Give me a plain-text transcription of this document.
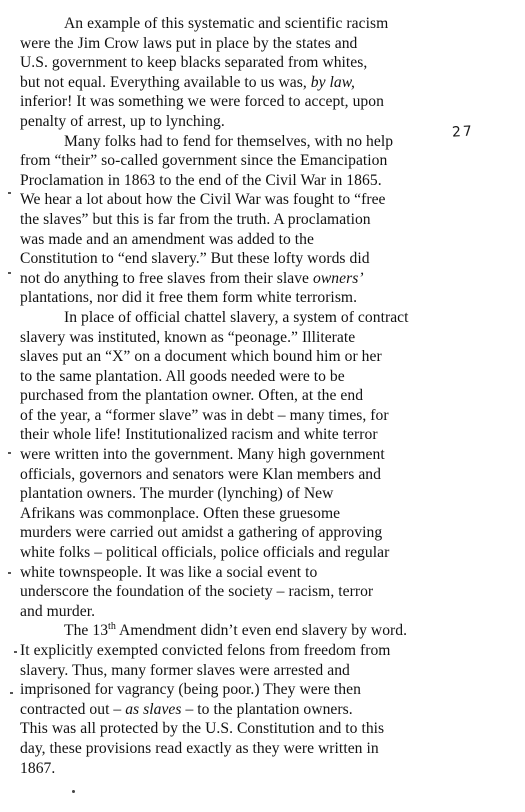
An example of this systematic and scientific racism
were the Jim Crow laws put in place by the states and
U.S. government to keep blacks separated from whites,
but not equal. Everything available to us was, by law,
inferior! It was something we were forced to accept, upon
penalty of arrest, up to lynching.

Many folks had to fend for themselves, with no help
from “their” so-called government since the Emancipation
Proclamation in 1863 to the end of the Civil War in 1865.
We hear a lot about how the Civil War was fought to “free
the slaves” but this is far from the truth. A proclamation
was made and an amendment was added to the
Constitution to “end slavery.” But these lofty words did
not do anything to free slaves from their slave owners’
plantations, nor did it free them form white terrorism.

In place of official chattel slavery, a system of contract
slavery was instituted, known as “peonage.” Illiterate
slaves put an “X” on a document which bound him or her
to the same plantation. All goods needed were to be
purchased from the plantation owner. Often, at the end
of the year, a “former slave” was in debt – many times, for
their whole life! Institutionalized racism and white terror
were written into the government. Many high government
officials, governors and senators were Klan members and
plantation owners. The murder (lynching) of New
Afrikans was commonplace. Often these gruesome
murders were carried out amidst a gathering of approving
white folks – political officials, police officials and regular
white townspeople. It was like a social event to
underscore the foundation of the society – racism, terror
and murder.

The 13th Amendment didn’t even end slavery by word.
It explicitly exempted convicted felons from freedom from
slavery. Thus, many former slaves were arrested and
imprisoned for vagrancy (being poor.) They were then
contracted out – as slaves – to the plantation owners.
This was all protected by the U.S. Constitution and to this
day, these provisions read exactly as they were written in
1867.

27
